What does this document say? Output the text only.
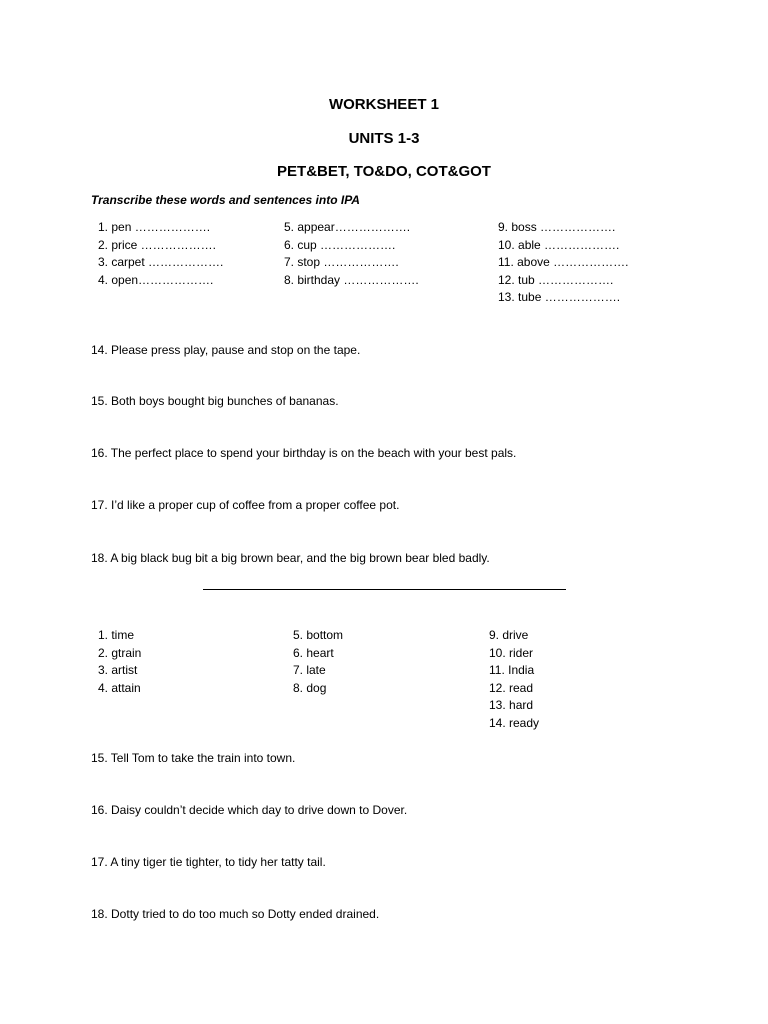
WORKSHEET 1
UNITS 1-3
PET&BET, TO&DO, COT&GOT
Transcribe these words and sentences into IPA
1. pen ……………….
2. price ……………….
3. carpet ……………….
4. open……………….
5. appear……………….
6. cup ……………….
7. stop ……………….
8. birthday ……………….
9. boss ……………….
10. able ……………….
11. above ……………….
12. tub ……………….
13. tube ……………….
14. Please press play, pause and stop on the tape.
15. Both boys bought big bunches of bananas.
16. The perfect place to spend your birthday is on the beach with your best pals.
17. I’d like a proper cup of coffee from a proper coffee pot.
18. A big black bug bit a big brown bear, and the big brown bear bled badly.
1. time
2. gtrain
3. artist
4. attain
5. bottom
6. heart
7. late
8. dog
9. drive
10. rider
11. India
12. read
13. hard
14. ready
15. Tell Tom to take the train into town.
16. Daisy couldn’t decide which day to drive down to Dover.
17. A tiny tiger tie tighter, to tidy her tatty tail.
18. Dotty tried to do too much so Dotty ended drained.
